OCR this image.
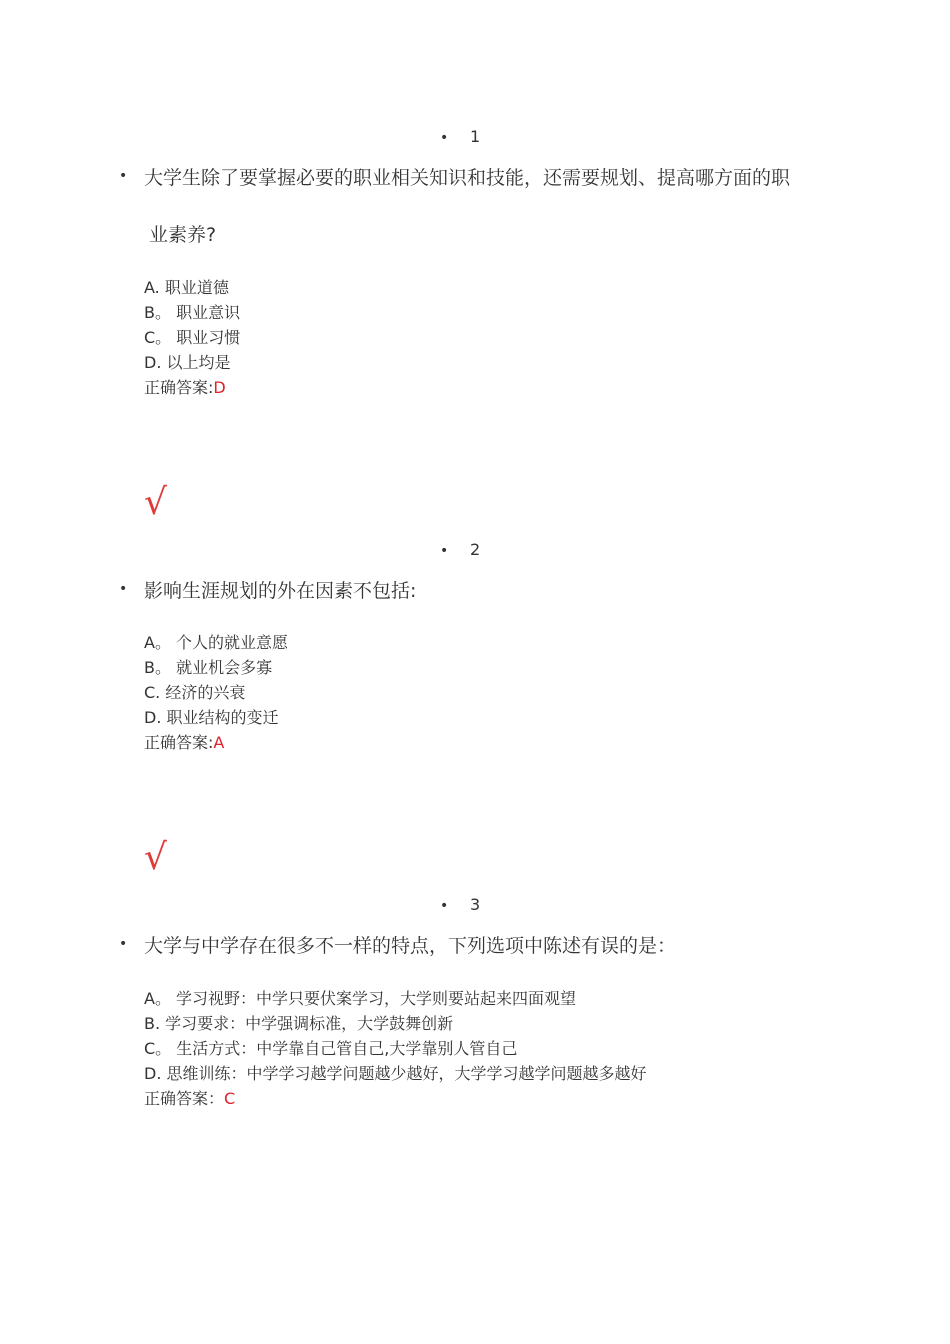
• 1
• 大学生除了要掌握必要的职业相关知识和技能，还需要规划、提高哪方面的职
业素养?
A. 职业道德
B。 职业意识
C。 职业习惯
D. 以上均是
正确答案:D
√
• 2
• 影响生涯规划的外在因素不包括:
A。 个人的就业意愿
B。 就业机会多寡
C. 经济的兴衰
D. 职业结构的变迁
正确答案:A
√
• 3
• 大学与中学存在很多不一样的特点，下列选项中陈述有误的是：
A。 学习视野：中学只要伏案学习，大学则要站起来四面观望
B. 学习要求：中学强调标准，大学鼓舞创新
C。 生活方式：中学靠自己管自己,大学靠别人管自己
D. 思维训练：中学学习越学问题越少越好，大学学习越学问题越多越好
正确答案：C
